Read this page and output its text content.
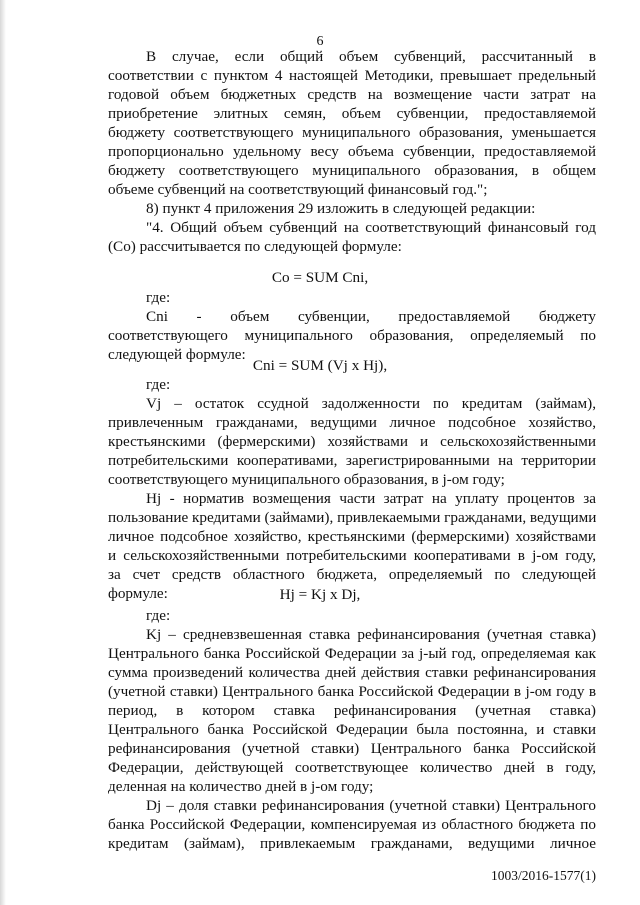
6
В случае, если общий объем субвенций, рассчитанный в
соответствии с пунктом 4 настоящей Методики, превышает предельный
годовой объем бюджетных средств на возмещение части затрат на
приобретение элитных семян, объем субвенции, предоставляемой
бюджету соответствующего муниципального образования, уменьшается
пропорционально удельному весу объема субвенции, предоставляемой
бюджету соответствующего муниципального образования, в общем
объеме субвенций на соответствующий финансовый год.";
8) пункт 4 приложения 29 изложить в следующей редакции:
"4. Общий объем субвенций на соответствующий финансовый год
(Со) рассчитывается по следующей формуле:
Со = SUM Сni,
где:
Сni - объем субвенции, предоставляемой бюджету
соответствующего муниципального образования, определяемый по
следующей формуле:
Сni = SUM (Vj x Hj),
где:
Vj – остаток ссудной задолженности по кредитам (займам),
привлеченным гражданами, ведущими личное подсобное хозяйство,
крестьянскими (фермерскими) хозяйствами и сельскохозяйственными
потребительскими кооперативами, зарегистрированными на территории
соответствующего муниципального образования, в j-ом году;
Hj - норматив возмещения части затрат на уплату процентов за
пользование кредитами (займами), привлекаемыми гражданами, ведущими
личное подсобное хозяйство, крестьянскими (фермерскими) хозяйствами
и сельскохозяйственными потребительскими кооперативами в j-ом году,
за счет средств областного бюджета, определяемый по следующей
формуле:	Hj = Kj x Dj,
где:
Kj – средневзвешенная ставка рефинансирования (учетная ставка)
Центрального банка Российской Федерации за j-ый год, определяемая как
сумма произведений количества дней действия ставки рефинансирования
(учетной ставки) Центрального банка Российской Федерации в j-ом году в
период, в котором ставка рефинансирования (учетная ставка)
Центрального банка Российской Федерации была постоянна, и ставки
рефинансирования (учетной ставки) Центрального банка Российской
Федерации, действующей соответствующее количество дней в году,
деленная на количество дней в j-ом году;
Dj – доля ставки рефинансирования (учетной ставки) Центрального
банка Российской Федерации, компенсируемая из областного бюджета по
кредитам (займам), привлекаемым гражданами, ведущими личное
1003/2016-1577(1)
